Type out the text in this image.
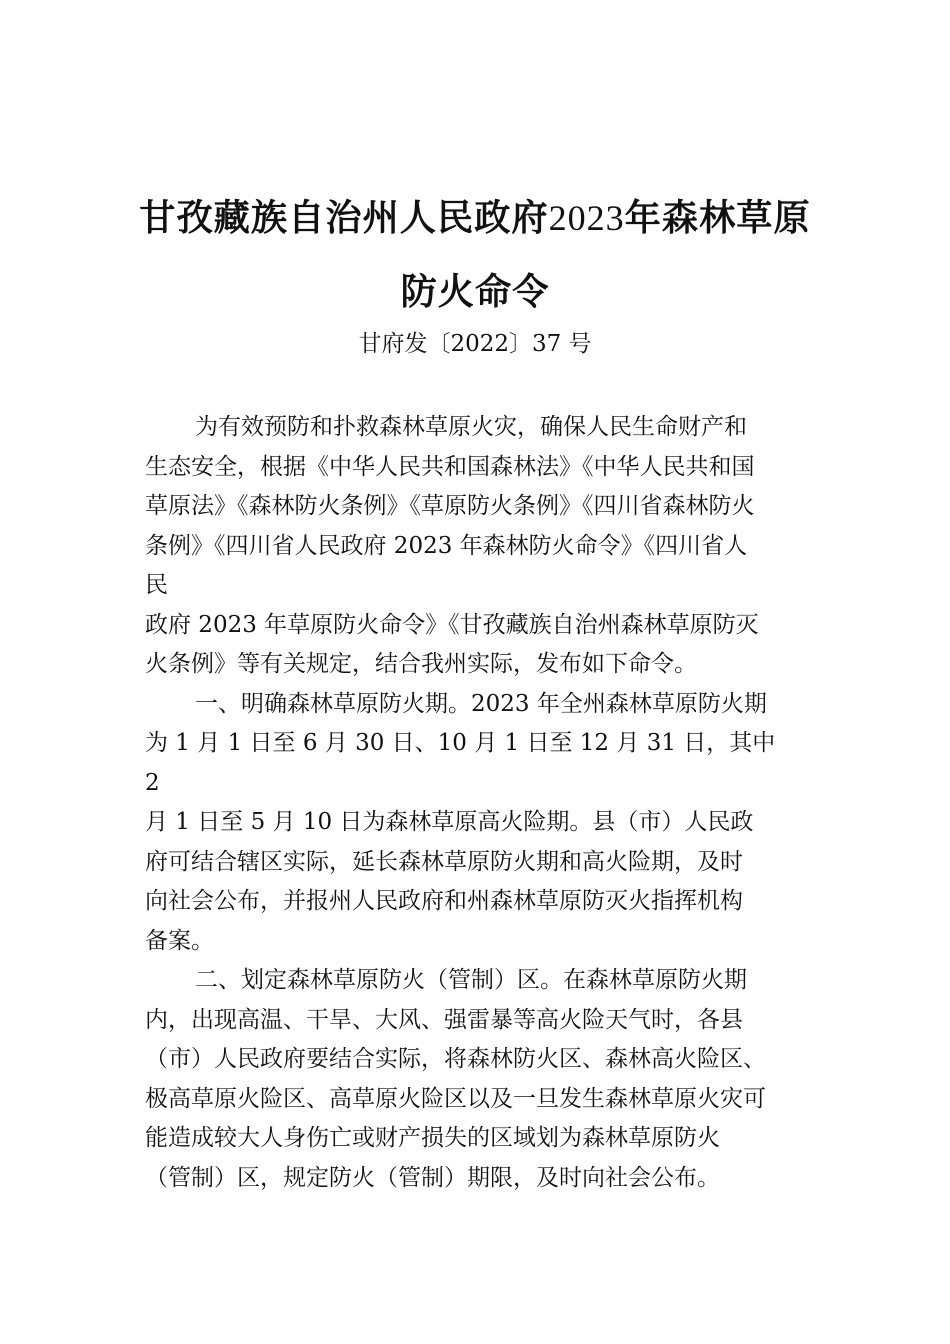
甘孜藏族自治州人民政府2023年森林草原
防火命令
甘府发〔2022〕37 号
为有效预防和扑救森林草原火灾，确保人民生命财产和
生态安全，根据《中华人民共和国森林法》《中华人民共和国
草原法》《森林防火条例》《草原防火条例》《四川省森林防火
条例》《四川省人民政府 2023 年森林防火命令》《四川省人
民
政府 2023 年草原防火命令》《甘孜藏族自治州森林草原防灭
火条例》等有关规定，结合我州实际，发布如下命令。
一、明确森林草原防火期。2023 年全州森林草原防火期
为 1 月 1 日至 6 月 30 日、10 月 1 日至 12 月 31 日，其中
2
月 1 日至 5 月 10 日为森林草原高火险期。县（市）人民政
府可结合辖区实际，延长森林草原防火期和高火险期，及时
向社会公布，并报州人民政府和州森林草原防灭火指挥机构
备案。
二、划定森林草原防火（管制）区。在森林草原防火期
内，出现高温、干旱、大风、强雷暴等高火险天气时，各县
（市）人民政府要结合实际，将森林防火区、森林高火险区、
极高草原火险区、高草原火险区以及一旦发生森林草原火灾可
能造成较大人身伤亡或财产损失的区域划为森林草原防火
（管制）区，规定防火（管制）期限，及时向社会公布。
